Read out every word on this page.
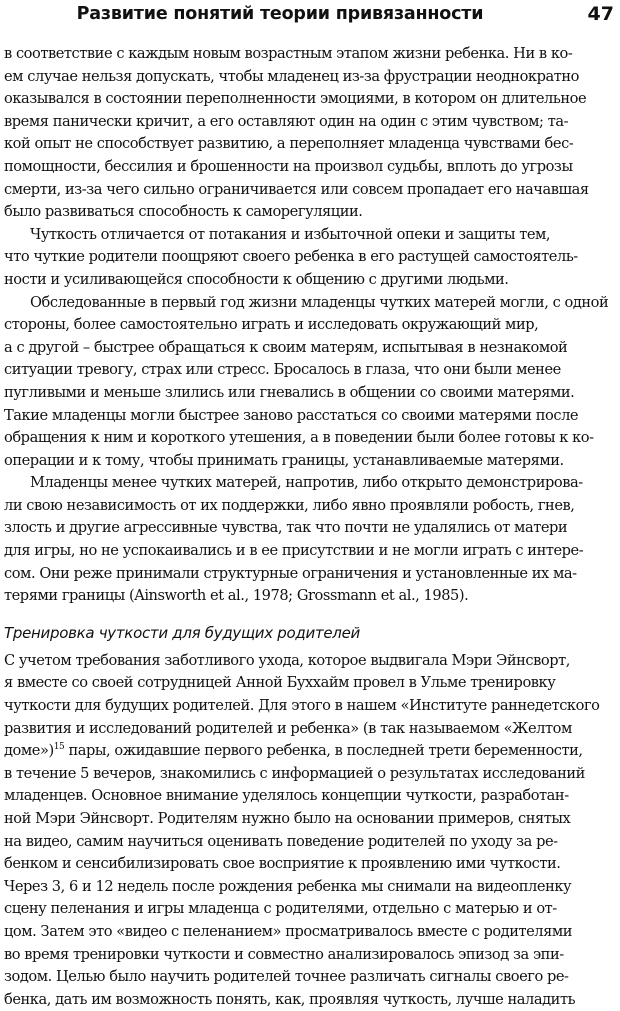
Развитие понятий теории привязанности	47
в соответствие с каждым новым возрастным этапом жизни ребенка. Ни в ко-
ем случае нельзя допускать, чтобы младенец из-за фрустрации неоднократно
оказывался в состоянии переполненности эмоциями, в котором он длительное
время панически кричит, а его оставляют один на один с этим чувством; та-
кой опыт не способствует развитию, а переполняет младенца чувствами бес-
помощности, бессилия и брошенности на произвол судьбы, вплоть до угрозы
смерти, из-за чего сильно ограничивается или совсем пропадает его начавшая
было развиваться способность к саморегуляции.
Чуткость отличается от потакания и избыточной опеки и защиты тем,
что чуткие родители поощряют своего ребенка в его растущей самостоятель-
ности и усиливающейся способности к общению с другими людьми.
Обследованные в первый год жизни младенцы чутких матерей могли, с одной
стороны, более самостоятельно играть и исследовать окружающий мир,
а с другой – быстрее обращаться к своим матерям, испытывая в незнакомой
ситуации тревогу, страх или стресс. Бросалось в глаза, что они были менее
пугливыми и меньше злились или гневались в общении со своими матерями.
Такие младенцы могли быстрее заново расстаться со своими матерями после
обращения к ним и короткого утешения, а в поведении были более готовы к ко-
операции и к тому, чтобы принимать границы, устанавливаемые матерями.
Младенцы менее чутких матерей, напротив, либо открыто демонстрирова-
ли свою независимость от их поддержки, либо явно проявляли робость, гнев,
злость и другие агрессивные чувства, так что почти не удалялись от матери
для игры, но не успокаивались и в ее присутствии и не могли играть с интере-
сом. Они реже принимали структурные ограничения и установленные их ма-
терями границы (Ainsworth et al., 1978; Grossmann et al., 1985).
Тренировка чуткости для будущих родителей
С учетом требования заботливого ухода, которое выдвигала Мэри Эйнсворт,
я вместе со своей сотрудницей Анной Буххайм провел в Ульме тренировку
чуткости для будущих родителей. Для этого в нашем «Институте раннедетского
развития и исследований родителей и ребенка» (в так называемом «Желтом
доме»)$^{15}$ пары, ожидавшие первого ребенка, в последней трети беременности,
в течение 5 вечеров, знакомились с информацией о результатах исследований
младенцев. Основное внимание уделялось концепции чуткости, разработан-
ной Мэри Эйнсворт. Родителям нужно было на основании примеров, снятых
на видео, самим научиться оценивать поведение родителей по уходу за ре-
бенком и сенсибилизировать свое восприятие к проявлению ими чуткости.
Через 3, 6 и 12 недель после рождения ребенка мы снимали на видеопленку
сцену пеленания и игры младенца с родителями, отдельно с матерью и от-
цом. Затем это «видео с пеленанием» просматривалось вместе с родителями
во время тренировки чуткости и совместно анализировалось эпизод за эпи-
зодом. Целью было научить родителей точнее различать сигналы своего ре-
бенка, дать им возможность понять, как, проявляя чуткость, лучше наладить
